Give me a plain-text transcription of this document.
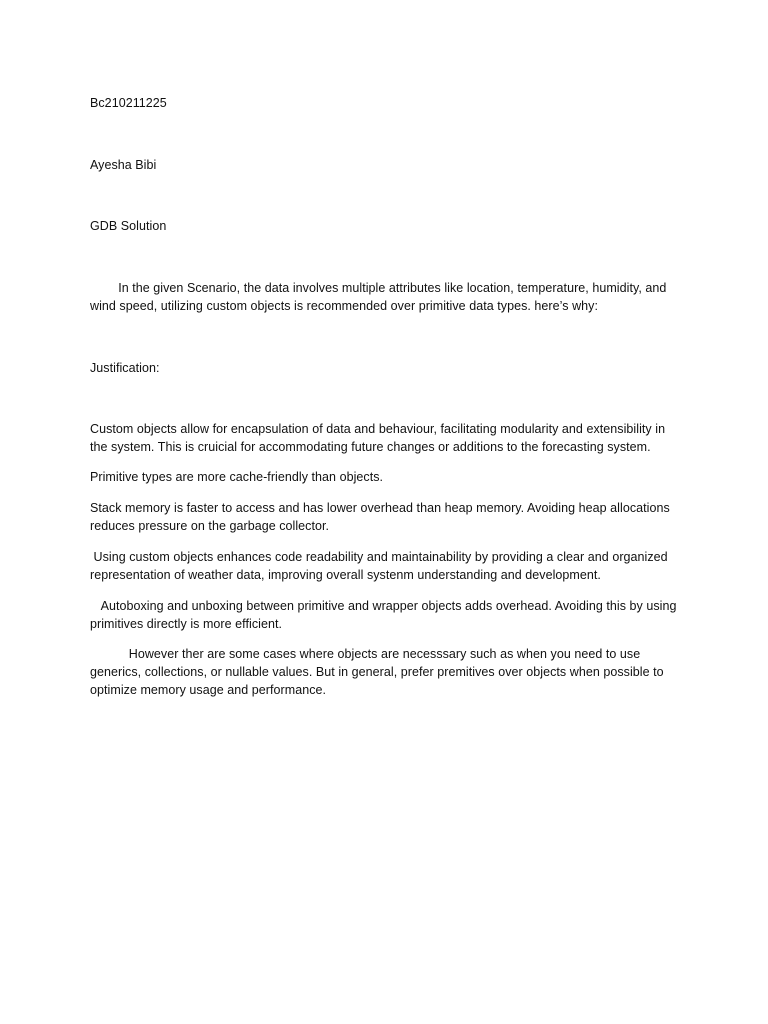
Bc210211225

Ayesha Bibi

GDB Solution

In the given Scenario, the data involves multiple attributes like location, temperature, humidity, and wind speed, utilizing custom objects is recommended over primitive data types. here’s why:

Justification:

Custom objects allow for encapsulation of data and behaviour, facilitating modularity and extensibility in the system. This is cruicial for accommodating future changes or additions to the forecasting system.

Primitive types are more cache-friendly than objects.

Stack memory is faster to access and has lower overhead than heap memory. Avoiding heap allocations reduces pressure on the garbage collector.

Using custom objects enhances code readability and maintainability by providing a clear and organized representation of weather data, improving overall systenm understanding and development.

Autoboxing and unboxing between primitive and wrapper objects adds overhead. Avoiding this by using primitives directly is more efficient.

However ther are some cases where objects are necesssary such as when you need to use generics, collections, or nullable values. But in general, prefer premitives over objects when possible to optimize memory usage and performance.
